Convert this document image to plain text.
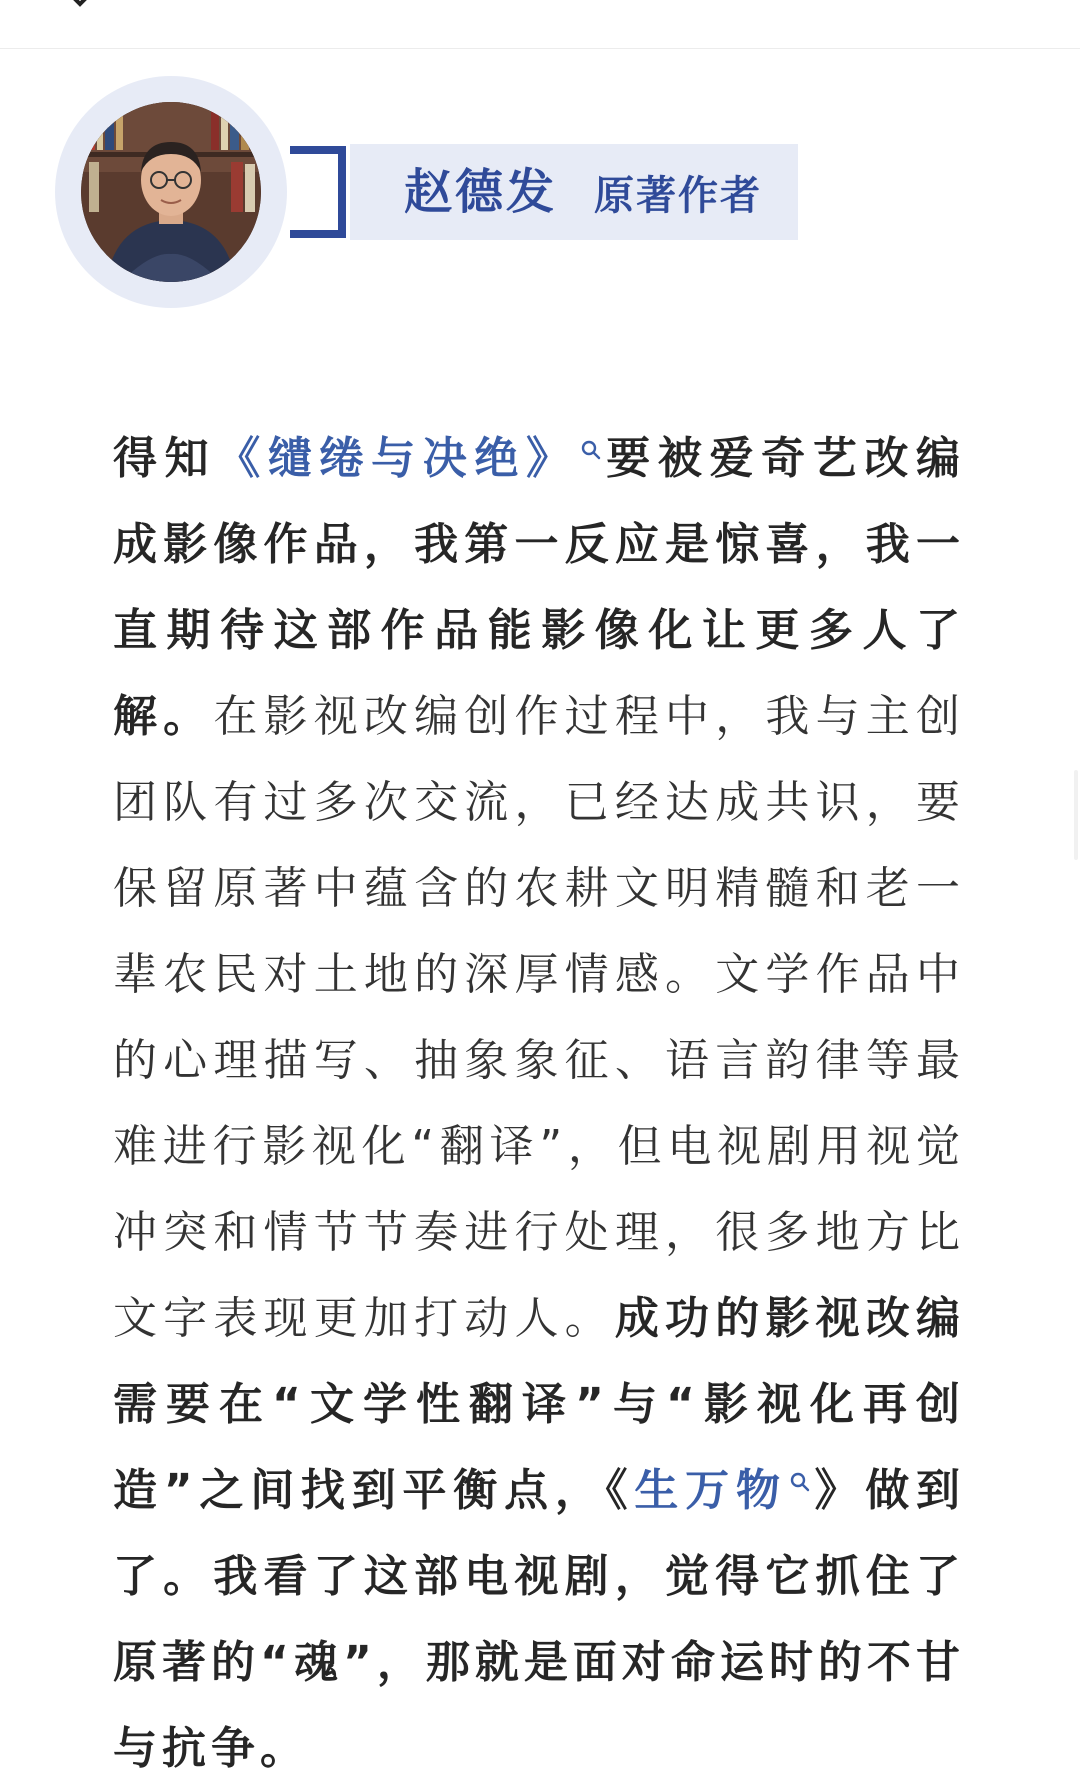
赵德发 原著作者

得知《缱绻与决绝》 要被爱奇艺改编成影像作品，我第一反应是惊喜，我一直期待这部作品能影像化让更多人了解。在影视改编创作过程中，我与主创团队有过多次交流，已经达成共识，要保留原著中蕴含的农耕文明精髓和老一辈农民对土地的深厚情感。文学作品中的心理描写、抽象象征、语言韵律等最难进行影视化“翻译”，但电视剧用视觉冲突和情节节奏进行处理，很多地方比文字表现更加打动人。成功的影视改编需要在“文学性翻译”与“影视化再创造”之间找到平衡点，《生万物 》做到了。我看了这部电视剧，觉得它抓住了原著的“魂”，那就是面对命运时的不甘与抗争。
